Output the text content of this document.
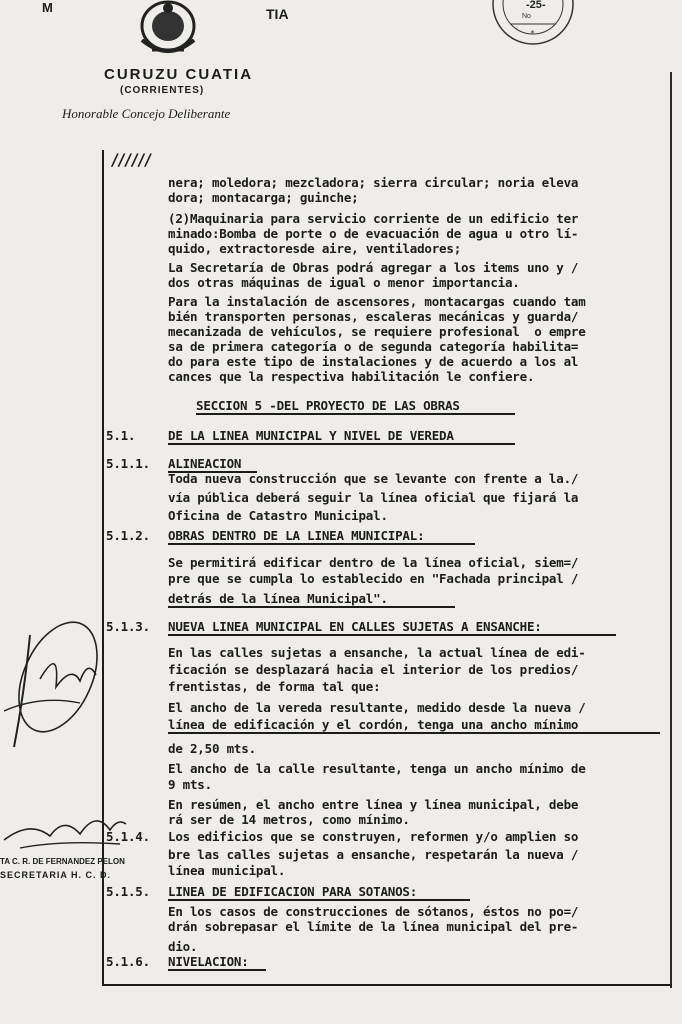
M	TIA	No
-25-
*
CURUZU CUATIA
(CORRIENTES)
Honorable Concejo Deliberante
//////
nera; moledora; mezcladora; sierra circular; noria eleva
dora; montacarga; guinche;
(2)Maquinaria para servicio corriente de un edificio ter
minado:Bomba de porte o de evacuación de agua u otro lí-
quido, extractoresde aire, ventiladores;
La Secretaría de Obras podrá agregar a los items uno y /
dos otras máquinas de igual o menor importancia.
Para la instalación de ascensores, montacargas cuando tam
bién transporten personas, escaleras mecánicas y guarda/
mecanizada de vehículos, se requiere profesional  o empre
sa de primera categoría o de segunda categoría habilita=
do para este tipo de instalaciones y de acuerdo a los al
cances que la respectiva habilitación le confiere.
SECCION 5 -DEL PROYECTO DE LAS OBRAS
5.1.	DE LA LINEA MUNICIPAL Y NIVEL DE VEREDA
5.1.1. ALINEACION
Toda nueva construcción que se levante con frente a la./
vía pública deberá seguir la línea oficial que fijará la
Oficina de Catastro Municipal.
5.1.2. OBRAS DENTRO DE LA LINEA MUNICIPAL:
Se permitirá edificar dentro de la línea oficial, siem=/
pre que se cumpla lo establecido en "Fachada principal /
detrás de la línea Municipal".
5.1.3. NUEVA LINEA MUNICIPAL EN CALLES SUJETAS A ENSANCHE:
En las calles sujetas a ensanche, la actual línea de edi-
ficación se desplazará hacia el interior de los predios/
frentistas, de forma tal que:
El ancho de la vereda resultante, medido desde la nueva /
línea de edificación y el cordón, tenga una ancho mínimo
de 2,50 mts.
El ancho de la calle resultante, tenga un ancho mínimo de
9 mts.
En resúmen, el ancho entre línea y línea municipal, debe
rá ser de 14 metros, como mínimo.
5.1.4. Los edificios que se construyen, reformen y/o amplien so
bre las calles sujetas a ensanche, respetarán la nueva /
línea municipal.
5.1.5. LINEA DE EDIFICACION PARA SOTANOS:
En los casos de construcciones de sótanos, éstos no po=/
drán sobrepasar el límite de la línea municipal del pre-
dio.
5.1.6. NIVELACION:
TA C. R. DE FERNANDEZ PELON
SECRETARIA H. C. D.
